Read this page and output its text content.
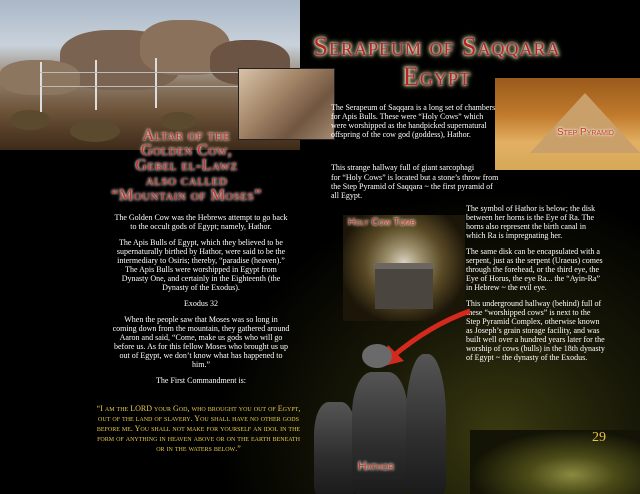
Step Pyramid
Serapeum of Saqqara
Egypt
The Serapeum of Saqqara is a long set of chambers for Apis Bulls. These were “Holy Cows” which were worshipped as the handpicked supernatural offspring of the cow god (goddess), Hathor.
This strange hallway full of giant sarcophagi
for “Holy Cows” is located but a stone’s throw from the Step Pyramid of Saqqara ~ the first pyramid of all Egypt.
Altar of the
Golden Cow,
Gebel el-Lawz
also called
“Mountain of Moses”

The Golden Cow was the Hebrews attempt to go back to the occult gods of Egypt; namely, Hathor.

The Apis Bulls of Egypt, which they believed to be supernaturally birthed by Hathor, were said to be the intermediary to Osiris; thereby, “paradise (heaven).” The Apis Bulls were worshipped in Egypt from Dynasty One, and certainly in the Eighteenth (the Dynasty of the Exodus).

Exodus 32

When the people saw that Moses was so long in coming down from the mountain, they gathered around Aaron and said, “Come, make us gods who will go before us. As for this fellow Moses who brought us up out of Egypt, we don’t know what has happened to him.”

The First Commandment is:

“I am the LORD your God, who brought you out of Egypt, out of the land of slavery. You shall have no other gods before me. You shall not make for yourself an idol in the form of anything in heaven above or on the earth beneath or in the waters below.”
Holy Cow Tomb

The symbol of Hathor is below; the disk between her horns is the Eye of Ra. The horns also represent the birth canal in which Ra is impregnating her.

The same disk can be encapsulated with a serpent, just as the serpent (Uraeus) comes through the forehead, or the third eye, the Eye of Horus, the eye Ra... the “Ayin-Ra” in Hebrew ~ the evil eye.

This underground hallway (behind) full of these “worshipped cows” is next to the Step Pyramid Complex, otherwise known as Joseph’s grain storage facility, and was built well over a hundred years later for the worship of cows (bulls) in the 18th dynasty of Egypt ~ the dynasty of the Exodus.

Hathor
29
